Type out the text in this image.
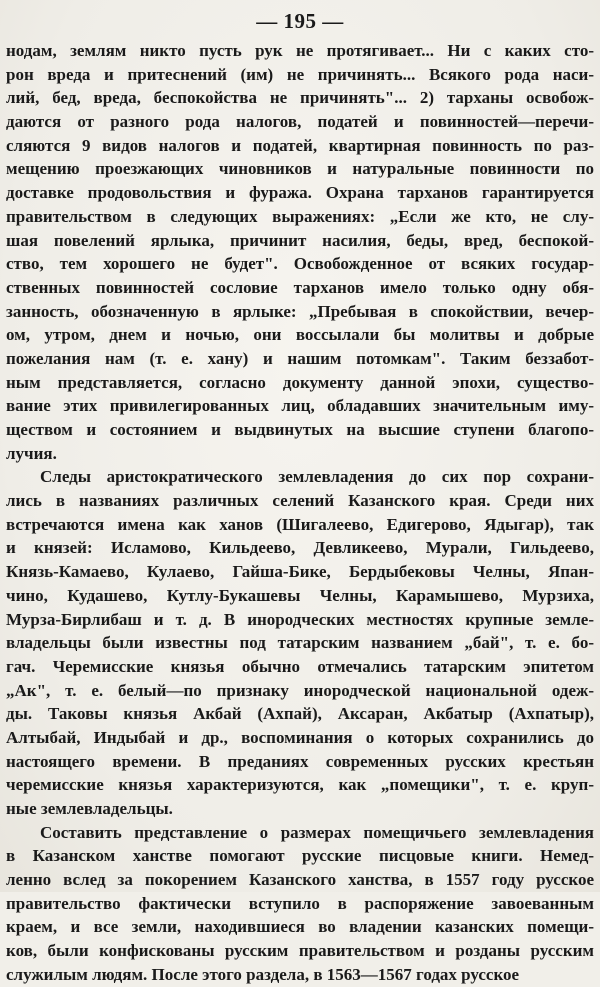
— 195 —
нодам, землям никто пусть рук не протягивает... Ни с каких сто-
рон вреда и притеснений (им) не причинять... Всякого рода наси-
лий, бед, вреда, беспокойства не причинять"... 2) тарханы освобож-
даются от разного рода налогов, податей и повинностей—перечи-
сляются 9 видов налогов и податей, квартирная повинность по раз-
мещению проезжающих чиновников и натуральные повинности по
доставке продовольствия и фуража. Охрана тарханов гарантируется
правительством в следующих выражениях: „Если же кто, не слу-
шая повелений ярлыка, причинит насилия, беды, вред, беспокой-
ство, тем хорошего не будет". Освобожденное от всяких государ-
ственных повинностей сословие тарханов имело только одну обя-
занность, обозначенную в ярлыке: „Пребывая в спокойствии, вечер-
ом, утром, днем и ночью, они воссылали бы молитвы и добрые
пожелания нам (т. е. хану) и нашим потомкам". Таким беззабот-
ным представляется, согласно документу данной эпохи, существо-
вание этих привилегированных лиц, обладавших значительным иму-
ществом и состоянием и выдвинутых на высшие ступени благопо-
лучия.
Следы аристократического землевладения до сих пор сохрани-
лись в названиях различных селений Казанского края. Среди них
встречаются имена как ханов (Шигалеево, Едигерово, Ядыгар), так
и князей: Исламово, Кильдеево, Девликеево, Мурали, Гильдеево,
Князь-Камаево, Кулаево, Гайша-Бике, Бердыбековы Челны, Япан-
чино, Кудашево, Кутлу-Букашевы Челны, Карамышево, Мурзиха,
Мурза-Бирлибаш и т. д. В инородческих местностях крупные земле-
владельцы были известны под татарским названием „бай", т. е. бо-
гач. Черемисские князья обычно отмечались татарским эпитетом
„Ак", т. е. белый—по признаку инородческой национальной одеж-
ды. Таковы князья Акбай (Ахпай), Аксаран, Акбатыр (Ахпатыр),
Алтыбай, Индыбай и др., воспоминания о которых сохранились до
настоящего времени. В преданиях современных русских крестьян
черемисские князья характеризуются, как „помещики", т. е. круп-
ные землевладельцы.
Составить представление о размерах помещичьего землевладения
в Казанском ханстве помогают русские писцовые книги. Немед-
ленно вслед за покорением Казанского ханства, в 1557 году русское
правительство фактически вступило в распоряжение завоеванным
краем, и все земли, находившиеся во владении казанских помещи-
ков, были конфискованы русским правительством и розданы русским
служилым людям. После этого раздела, в 1563—1567 годах русское
